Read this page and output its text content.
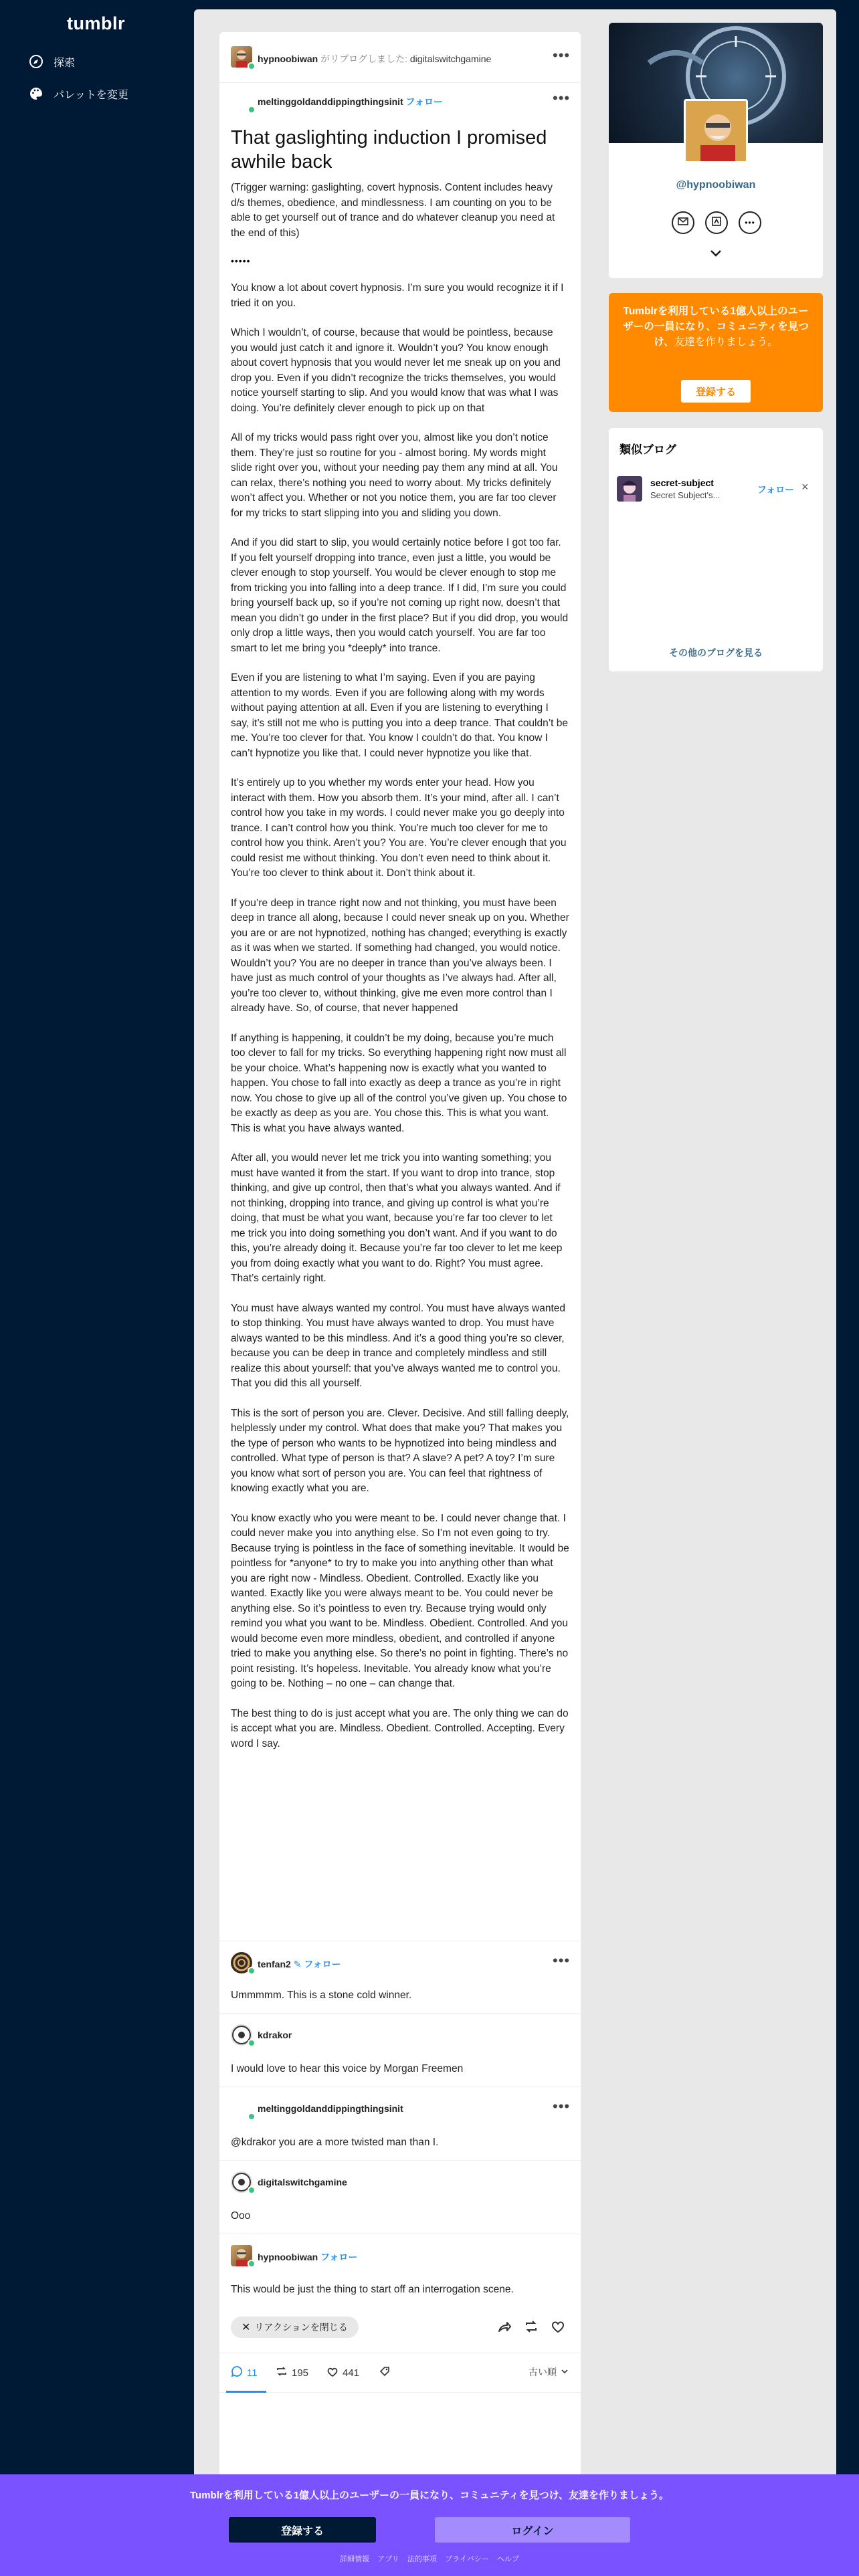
tumblr
探索
パレットを変更
hypnoobiwan がリブログしました: digitalswitchgamine	•••
meltinggoldanddippingthingsinit フォロー	•••
That gaslighting induction I promised awhile back

(Trigger warning: gaslighting, covert hypnosis. Content includes heavy d/s themes, obedience, and mindlessness. I am counting on you to be able to get yourself out of trance and do whatever cleanup you need at the end of this)

•••••

You know a lot about covert hypnosis. I’m sure you would recognize it if I tried it on you.

Which I wouldn’t, of course, because that would be pointless, because you would just catch it and ignore it. Wouldn’t you? You know enough about covert hypnosis that you would never let me sneak up on you and drop you. Even if you didn’t recognize the tricks themselves, you would notice yourself starting to slip. And you would know that was what I was doing. You’re definitely clever enough to pick up on that

All of my tricks would pass right over you, almost like you don’t notice them. They’re just so routine for you - almost boring. My words might slide right over you, without your needing pay them any mind at all. You can relax, there’s nothing you need to worry about. My tricks definitely won’t affect you. Whether or not you notice them, you are far too clever for my tricks to start slipping into you and sliding you down.

And if you did start to slip, you would certainly notice before I got too far. If you felt yourself dropping into trance, even just a little, you would be clever enough to stop yourself. You would be clever enough to stop me from tricking you into falling into a deep trance. If I did, I’m sure you could bring yourself back up, so if you’re not coming up right now, doesn’t that mean you didn’t go under in the first place? But if you did drop, you would only drop a little ways, then you would catch yourself. You are far too smart to let me bring you *deeply* into trance.

Even if you are listening to what I’m saying. Even if you are paying attention to my words. Even if you are following along with my words without paying attention at all. Even if you are listening to everything I say, it’s still not me who is putting you into a deep trance. That couldn’t be me. You’re too clever for that. You know I couldn’t do that. You know I can’t hypnotize you like that. I could never hypnotize you like that.

It’s entirely up to you whether my words enter your head. How you interact with them. How you absorb them. It’s your mind, after all. I can’t control how you take in my words. I could never make you go deeply into trance. I can’t control how you think. You’re much too clever for me to control how you think. Aren’t you? You are. You’re clever enough that you could resist me without thinking. You don’t even need to think about it. You’re too clever to think about it. Don’t think about it.

If you’re deep in trance right now and not thinking, you must have been deep in trance all along, because I could never sneak up on you. Whether you are or are not hypnotized, nothing has changed; everything is exactly as it was when we started. If something had changed, you would notice. Wouldn’t you? You are no deeper in trance than you’ve always been. I have just as much control of your thoughts as I’ve always had. After all, you’re too clever to, without thinking, give me even more control than I already have. So, of course, that never happened

If anything is happening, it couldn’t be my doing, because you’re much too clever to fall for my tricks. So everything happening right now must all be your choice. What’s happening now is exactly what you wanted to happen. You chose to fall into exactly as deep a trance as you’re in right now. You chose to give up all of the control you’ve given up. You chose to be exactly as deep as you are. You chose this. This is what you want. This is what you have always wanted.

After all, you would never let me trick you into wanting something; you must have wanted it from the start. If you want to drop into trance, stop thinking, and give up control, then that’s what you always wanted. And if not thinking, dropping into trance, and giving up control is what you’re doing, that must be what you want, because you’re far too clever to let me trick you into doing something you don’t want. And if you want to do this, you’re already doing it. Because you’re far too clever to let me keep you from doing exactly what you want to do. Right? You must agree. That’s certainly right.

You must have always wanted my control. You must have always wanted to stop thinking. You must have always wanted to drop. You must have always wanted to be this mindless. And it’s a good thing you’re so clever, because you can be deep in trance and completely mindless and still realize this about yourself: that you’ve always wanted me to control you. That you did this all yourself.

This is the sort of person you are. Clever. Decisive. And still falling deeply, helplessly under my control. What does that make you? That makes you the type of person who wants to be hypnotized into being mindless and controlled. What type of person is that? A slave? A pet? A toy? I’m sure you know what sort of person you are. You can feel that rightness of knowing exactly what you are.

You know exactly who you were meant to be. I could never change that. I could never make you into anything else. So I’m not even going to try. Because trying is pointless in the face of something inevitable. It would be pointless for *anyone* to try to make you into anything other than what you are right now - Mindless. Obedient. Controlled. Exactly like you wanted. Exactly like you were always meant to be. You could never be anything else. So it’s pointless to even try. Because trying would only remind you what you want to be. Mindless. Obedient. Controlled. And you would become even more mindless, obedient, and controlled if anyone tried to make you anything else. So there’s no point in fighting. There’s no point resisting. It’s hopeless. Inevitable. You already know what you’re going to be. Nothing – no one – can change that.

The best thing to do is just accept what you are. The only thing we can do is accept what you are. Mindless. Obedient. Controlled. Accepting. Every word I say.

tenfan2 ✎ フォロー	•••
Ummmmm. This is a stone cold winner.
kdrakor
I would love to hear this voice by Morgan Freemen
meltinggoldanddippingthingsinit	•••
@kdrakor you are a more twisted man than I.
digitalswitchgamine
Ooo
hypnoobiwan フォロー
This would be just the thing to start off an interrogation scene.
✕ リアクションを閉じる
11	195	441	古い順
@hypnoobiwan
•••
Tumblrを利用している1億人以上のユーザーの一員になり、コミュニティを見つけ、友達を作りましょう。
登録する
類似ブログ
secret-subject
Secret Subject's...
フォロー ×
その他のブログを見る
Tumblrを利用している1億人以上のユーザーの一員になり、コミュニティを見つけ、友達を作りましょう。
登録する	ログイン
詳細情報 アプリ 法的事項 プライバシー ヘルプ
